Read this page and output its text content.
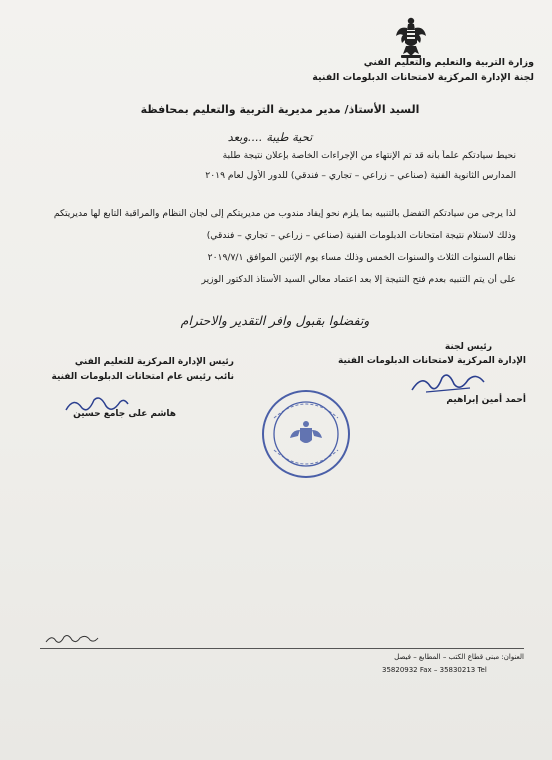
وزارة التربية والتعليم والتعليم الفني
لجنة الإدارة المركزية لامتحانات الدبلومات الفنية
السيد الأستاذ/ مدير مديرية التربية والتعليم بمحافظة
تحية طيبة ....وبعد
نحيط سيادتكم علماً بأنه قد تم الإنتهاء من الإجراءات الخاصة بإعلان نتيجة طلبة
المدارس الثانوية الفنية (صناعي – زراعي – تجاري – فندقي) للدور الأول لعام ٢٠١٩
لذا يرجى من سيادتكم التفضل بالتنبيه بما يلزم نحو إيفاد مندوب من مديريتكم إلى لجان النظام والمراقبة التابع لها مديريتكم
وذلك لاستلام نتيجة امتحانات الدبلومات الفنية (صناعي – زراعي – تجاري – فندقي)
نظام السنوات الثلاث والسنوات الخمس وذلك مساء يوم الإثنين الموافق ٢٠١٩/٧/١
على أن يتم التنبيه بعدم فتح النتيجة إلا بعد اعتماد معالي السيد الأستاذ الدكتور الوزير
وتفضلوا بقبول وافر التقدير والاحترام
رئيس لجنة
الإدارة المركزية لامتحانات الدبلومات الفنية
أحمد أمين إبراهيم
رئيس الإدارة المركزية للتعليم الفني
نائب رئيس عام امتحانات الدبلومات الفنية
هاشم على جامع حسين
العنوان: مبنى قطاع الكتب – المطابع – فيصل
35820932 Fax – 35830213 Tel
